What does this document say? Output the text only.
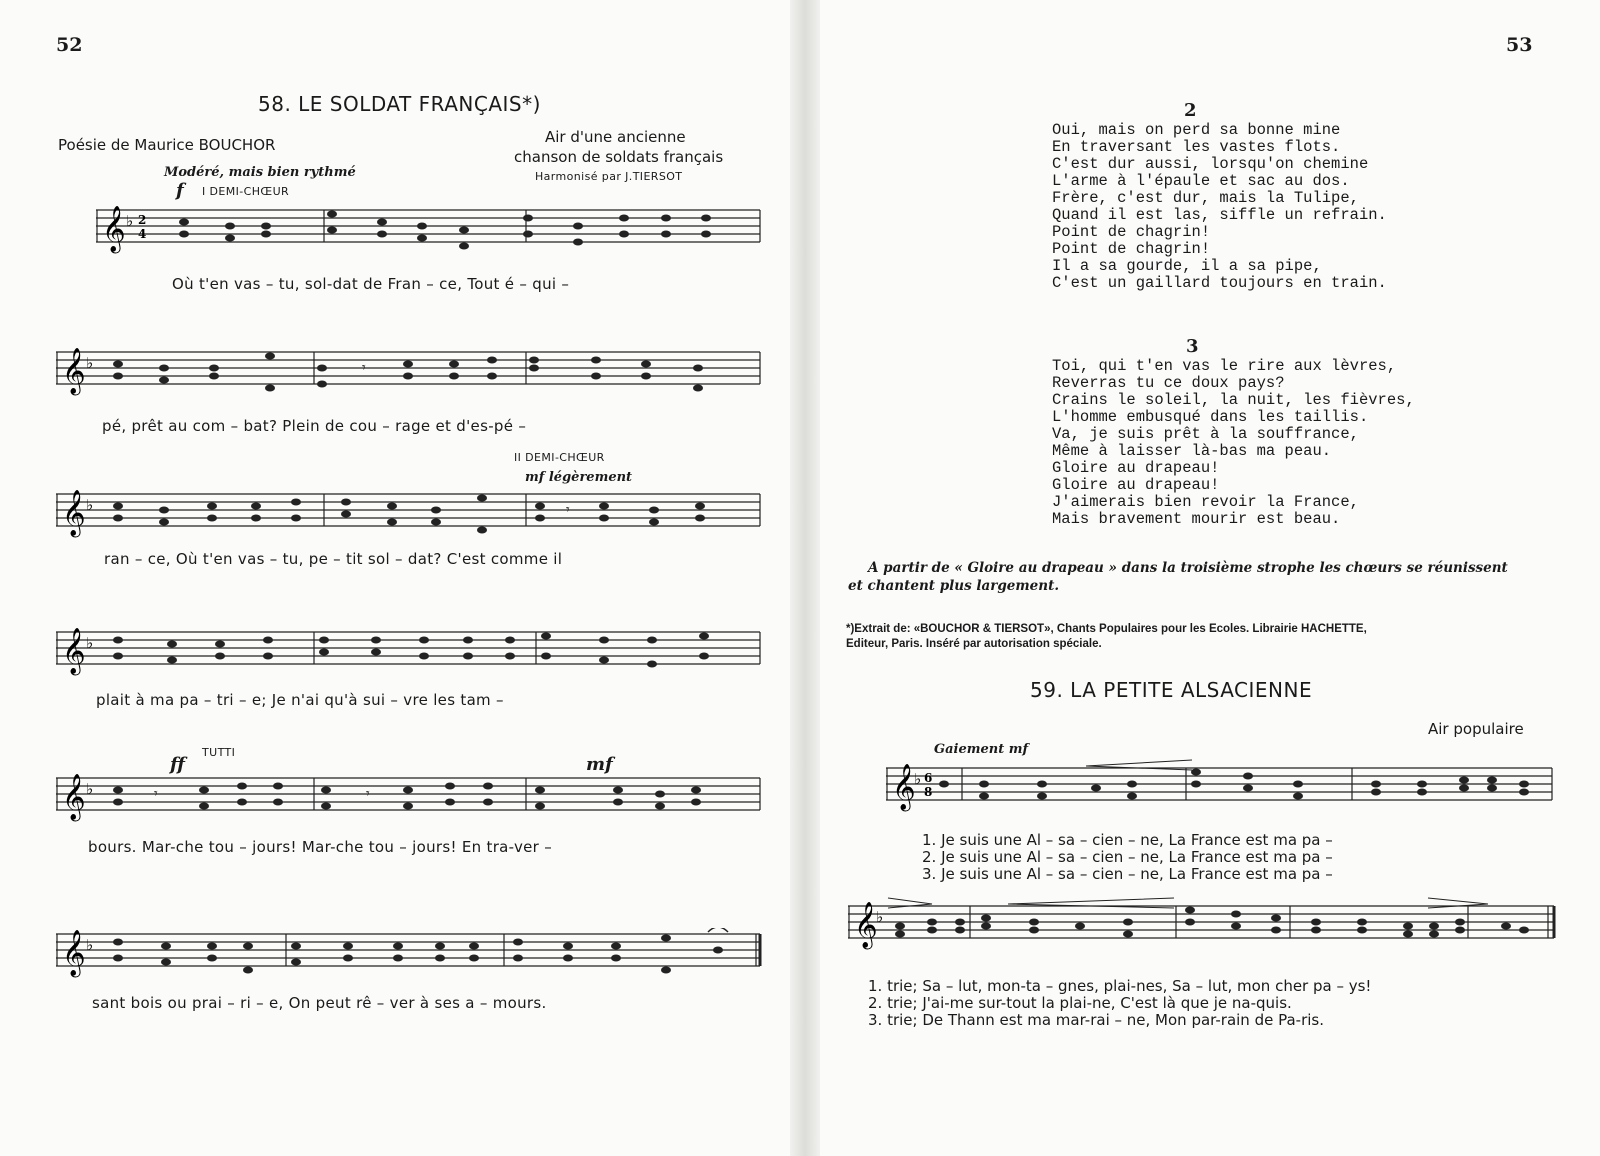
52
58. LE SOLDAT FRANÇAIS*)
Poésie de Maurice BOUCHOR	Air d'une ancienne
chanson de soldats français
Harmonisé par J.TIERSOT
Modéré, mais bien rythmé
f I DEMI-CHŒUR
𝄞 ♭ 2
4
Où t'en vas – tu, sol-dat de Fran – ce, Tout é – qui –
𝄞 ♭	𝄾
pé, prêt au com – bat? Plein de cou – rage et d'es-pé –
II DEMI-CHŒUR
mf légèrement
𝄞 ♭	𝄾
ran – ce, Où t'en vas – tu, pe – tit sol – dat? C'est comme il
𝄞 ♭
plait à ma pa – tri – e; Je n'ai qu'à sui – vre les tam –
TUTTI
ff	mf
𝄞 ♭	𝄾	𝄾
bours. Mar-che tou – jours! Mar-che tou – jours! En tra-ver –
𝄞 ♭
sant bois ou prai – ri – e, On peut rê – ver à ses a – mours.
53
2
Oui, mais on perd sa bonne mine
En traversant les vastes flots.
C'est dur aussi, lorsqu'on chemine
L'arme à l'épaule et sac au dos.
Frère, c'est dur, mais la Tulipe,
Quand il est las, siffle un refrain.
Point de chagrin!
Point de chagrin!
Il a sa gourde, il a sa pipe,
C'est un gaillard toujours en train.
3
Toi, qui t'en vas le rire aux lèvres,
Reverras tu ce doux pays?
Crains le soleil, la nuit, les fièvres,
L'homme embusqué dans les taillis.
Va, je suis prêt à la souffrance,
Même à laisser là-bas ma peau.
Gloire au drapeau!
Gloire au drapeau!
J'aimerais bien revoir la France,
Mais bravement mourir est beau.
A partir de « Gloire au drapeau » dans la troisième strophe les chœurs se réunissent
et chantent plus largement.
*)Extrait de: «BOUCHOR & TIERSOT», Chants Populaires pour les Ecoles. Librairie HACHETTE,
Editeur, Paris. Inséré par autorisation spéciale.
59. LA PETITE ALSACIENNE
Air populaire
Gaiement mf
𝄞
♭ 6
8
1. Je suis une Al – sa – cien – ne, La France est ma pa –
2. Je suis une Al – sa – cien – ne, La France est ma pa –
3. Je suis une Al – sa – cien – ne, La France est ma pa –
𝄞
♭
1. trie; Sa – lut, mon-ta – gnes, plai-nes, Sa – lut, mon cher pa – ys!
2. trie; J'ai-me sur-tout la plai-ne, C'est là que je na-quis.
3. trie; De Thann est ma mar-rai – ne, Mon par-rain de Pa-ris.
